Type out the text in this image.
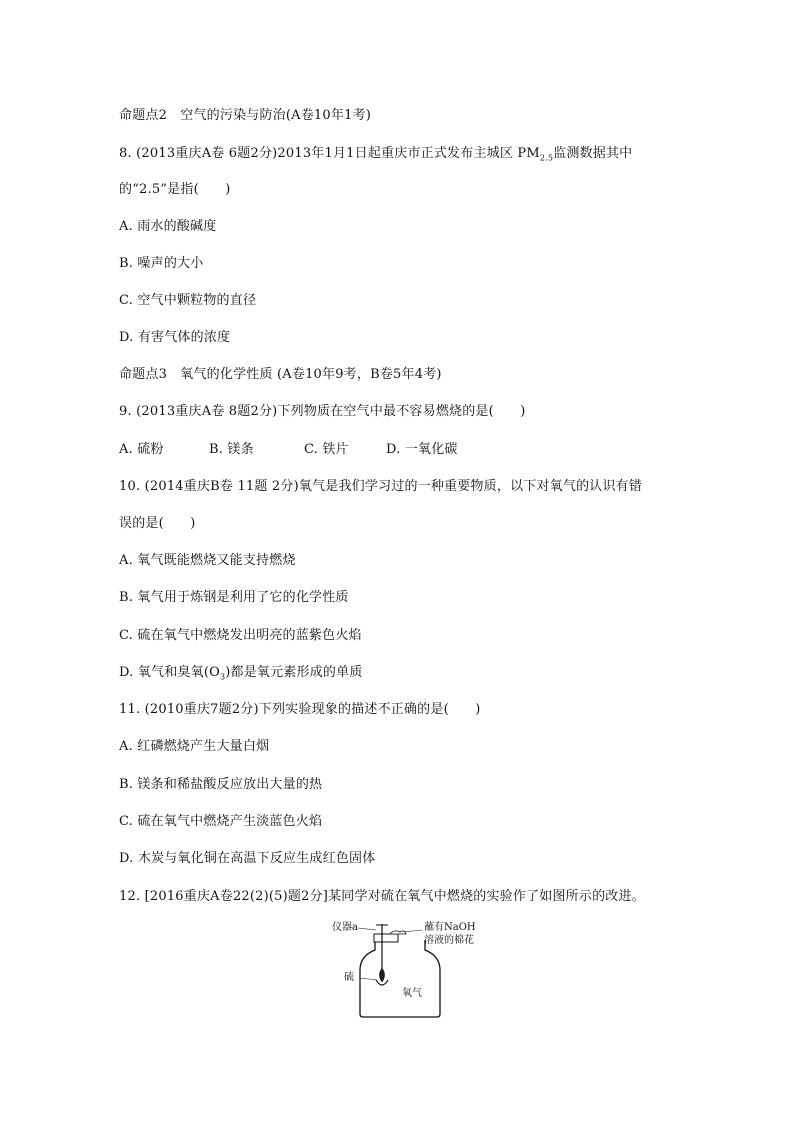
命题点2　空气的污染与防治(A卷10年1考)
8. (2013重庆A卷 6题2分)2013年1月1日起重庆市正式发布主城区 $PM_{2.5}$监测数据其中
的“2.5”是指(　　)
A. 雨水的酸碱度
B. 噪声的大小
C. 空气中颗粒物的直径
D. 有害气体的浓度
命题点3　氧气的化学性质 (A卷10年9考，B卷5年4考)
9. (2013重庆A卷 8题2分)下列物质在空气中最不容易燃烧的是(　　)
A. 硫粉	B. 镁条	C. 铁片	D. 一氧化碳
10. (2014重庆B卷 11题 2分)氧气是我们学习过的一种重要物质，以下对氧气的认识有错
误的是(　　)
A. 氧气既能燃烧又能支持燃烧
B. 氧气用于炼钢是利用了它的化学性质
C. 硫在氧气中燃烧发出明亮的蓝紫色火焰
D. 氧气和臭氧$(O_3)$都是氧元素形成的单质
11. (2010重庆7题2分)下列实验现象的描述不正确的是(　　)
A. 红磷燃烧产生大量白烟
B. 镁条和稀盐酸反应放出大量的热
C. 硫在氧气中燃烧产生淡蓝色火焰
D. 木炭与氧化铜在高温下反应生成红色固体
12. [2016重庆A卷22(2)(5)题2分]某同学对硫在氧气中燃烧的实验作了如图所示的改进。
仪器a	蘸有NaOH
溶液的棉花
硫
氧气
